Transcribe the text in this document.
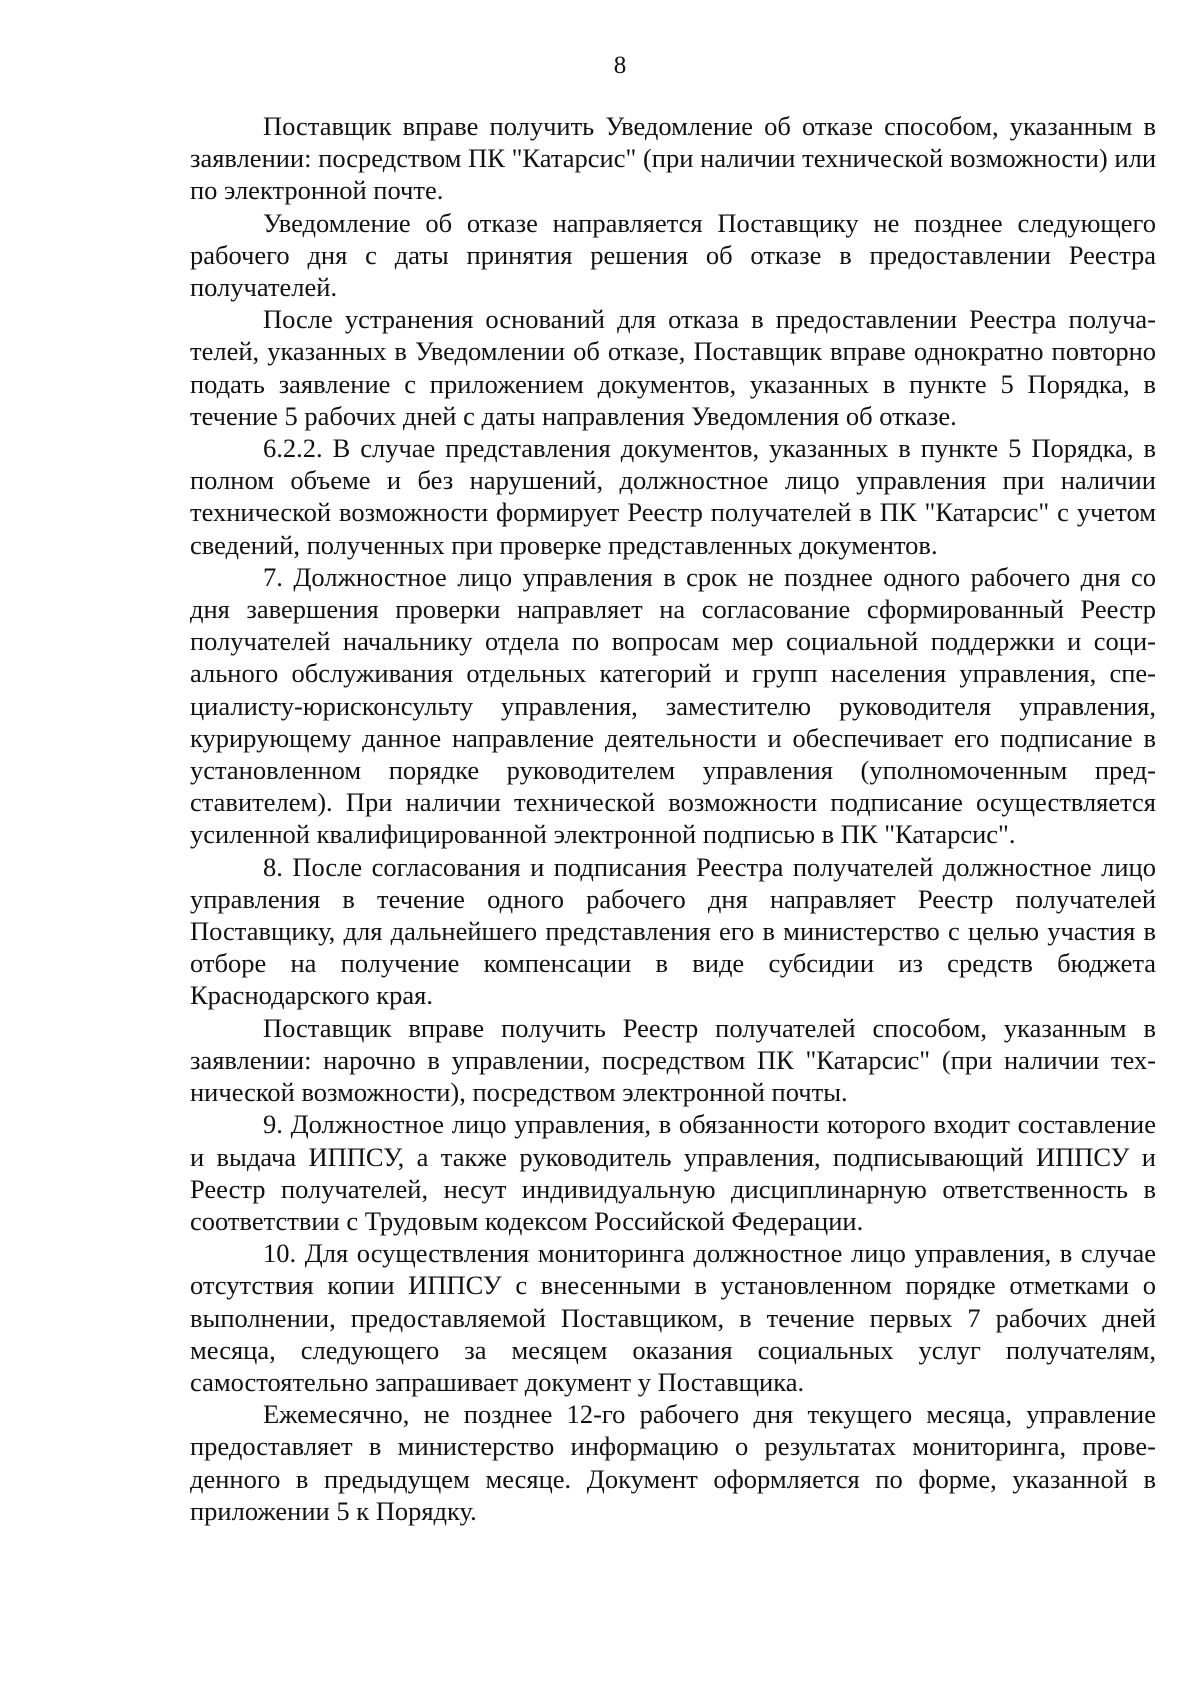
8

Поставщик вправе получить Уведомление об отказе способом, указанным в заявлении: посредством ПК "Катарсис" (при наличии технической возможности) или по электронной почте.

Уведомление об отказе направляется Поставщику не позднее следующего рабочего дня с даты принятия решения об отказе в предоставлении Реестра получателей.

После устранения оснований для отказа в предоставлении Реестра получателей, указанных в Уведомлении об отказе, Поставщик вправе однократно повторно подать заявление с приложением документов, указанных в пункте 5 Порядка, в течение 5 рабочих дней с даты направления Уведомления об отказе.

6.2.2. В случае представления документов, указанных в пункте 5 Порядка, в полном объеме и без нарушений, должностное лицо управления при наличии технической возможности формирует Реестр получателей в ПК "Катарсис" с учетом сведений, полученных при проверке представленных документов.

7. Должностное лицо управления в срок не позднее одного рабочего дня со дня завершения проверки направляет на согласование сформированный Реестр получателей начальнику отдела по вопросам мер социальной поддержки и социального обслуживания отдельных категорий и групп населения управления, специалисту-юрисконсульту управления, заместителю руководителя управления, курирующему данное направление деятельности и обеспечивает его подписание в установленном порядке руководителем управления (уполномоченным представителем). При наличии технической возможности подписание осуществляется усиленной квалифицированной электронной подписью в ПК "Катарсис".

8. После согласования и подписания Реестра получателей должностное лицо управления в течение одного рабочего дня направляет Реестр получателей Поставщику, для дальнейшего представления его в министерство с целью участия в отборе на получение компенсации в виде субсидии из средств бюджета Краснодарского края.

Поставщик вправе получить Реестр получателей способом, указанным в заявлении: нарочно в управлении, посредством ПК "Катарсис" (при наличии технической возможности), посредством электронной почты.

9. Должностное лицо управления, в обязанности которого входит составление и выдача ИППСУ, а также руководитель управления, подписывающий ИППСУ и Реестр получателей, несут индивидуальную дисциплинарную ответственность в соответствии с Трудовым кодексом Российской Федерации.

10. Для осуществления мониторинга должностное лицо управления, в случае отсутствия копии ИППСУ с внесенными в установленном порядке отметками о выполнении, предоставляемой Поставщиком, в течение первых 7 рабочих дней месяца, следующего за месяцем оказания социальных услуг получателям, самостоятельно запрашивает документ у Поставщика.

Ежемесячно, не позднее 12-го рабочего дня текущего месяца, управление предоставляет в министерство информацию о результатах мониторинга, проведенного в предыдущем месяце. Документ оформляется по форме, указанной в приложении 5 к Порядку.
